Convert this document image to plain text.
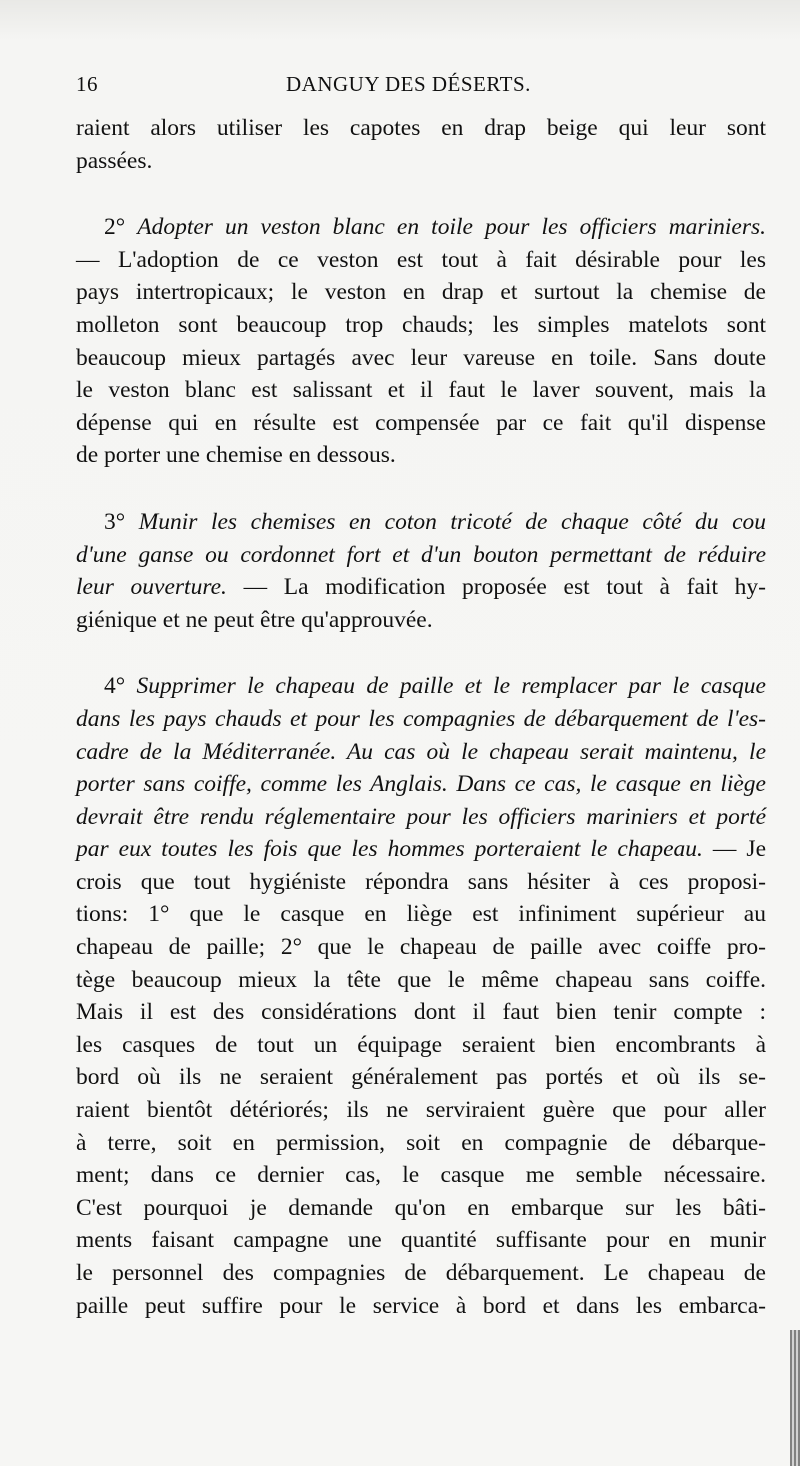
16	DANGUY DES DÉSERTS.
raient alors utiliser les capotes en drap beige qui leur sont
passées.
2° Adopter un veston blanc en toile pour les officiers mariniers.
— L'adoption de ce veston est tout à fait désirable pour les
pays intertropicaux; le veston en drap et surtout la chemise de
molleton sont beaucoup trop chauds; les simples matelots sont
beaucoup mieux partagés avec leur vareuse en toile. Sans doute
le veston blanc est salissant et il faut le laver souvent, mais la
dépense qui en résulte est compensée par ce fait qu'il dispense
de porter une chemise en dessous.
3° Munir les chemises en coton tricoté de chaque côté du cou
d'une ganse ou cordonnet fort et d'un bouton permettant de réduire
leur ouverture. — La modification proposée est tout à fait hy-
giénique et ne peut être qu'approuvée.
4° Supprimer le chapeau de paille et le remplacer par le casque
dans les pays chauds et pour les compagnies de débarquement de l'es-
cadre de la Méditerranée. Au cas où le chapeau serait maintenu, le
porter sans coiffe, comme les Anglais. Dans ce cas, le casque en liège
devrait être rendu réglementaire pour les officiers mariniers et porté
par eux toutes les fois que les hommes porteraient le chapeau. — Je
crois que tout hygiéniste répondra sans hésiter à ces proposi-
tions: 1° que le casque en liège est infiniment supérieur au
chapeau de paille; 2° que le chapeau de paille avec coiffe pro-
tège beaucoup mieux la tête que le même chapeau sans coiffe.
Mais il est des considérations dont il faut bien tenir compte :
les casques de tout un équipage seraient bien encombrants à
bord où ils ne seraient généralement pas portés et où ils se-
raient bientôt détériorés; ils ne serviraient guère que pour aller
à terre, soit en permission, soit en compagnie de débarque-
ment; dans ce dernier cas, le casque me semble nécessaire.
C'est pourquoi je demande qu'on en embarque sur les bâti-
ments faisant campagne une quantité suffisante pour en munir
le personnel des compagnies de débarquement. Le chapeau de
paille peut suffire pour le service à bord et dans les embarca-
